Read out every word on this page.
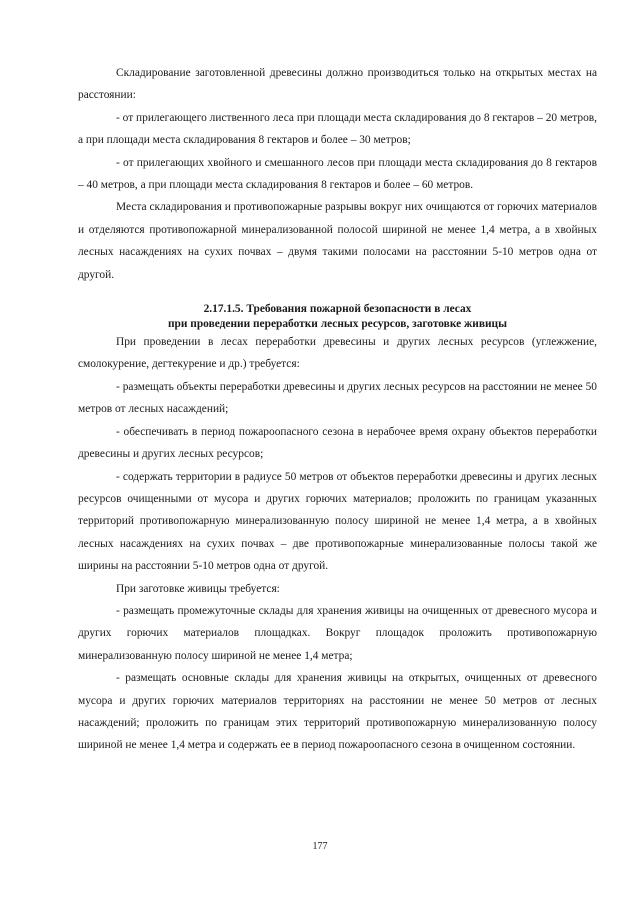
Складирование заготовленной древесины должно производиться только на открытых местах на расстоянии:

- от прилегающего лиственного леса при площади места складирования до 8 гектаров – 20 метров, а при площади места складирования 8 гектаров и более – 30 метров;

- от прилегающих хвойного и смешанного лесов при площади места складирования до 8 гектаров – 40 метров, а при площади места складирования 8 гектаров и более – 60 метров.

Места складирования и противопожарные разрывы вокруг них очищаются от горючих материалов и отделяются противопожарной минерализованной полосой шириной не менее 1,4 метра, а в хвойных лесных насаждениях на сухих почвах – двумя такими полосами на расстоянии 5-10 метров одна от другой.

2.17.1.5. Требования пожарной безопасности в лесах

при проведении переработки лесных ресурсов, заготовке живицы

При проведении в лесах переработки древесины и других лесных ресурсов (углежжение, смолокурение, дегтекурение и др.) требуется:

- размещать объекты переработки древесины и других лесных ресурсов на расстоянии не менее 50 метров от лесных насаждений;

- обеспечивать в период пожароопасного сезона в нерабочее время охрану объектов переработки древесины и других лесных ресурсов;

- содержать территории в радиусе 50 метров от объектов переработки древесины и других лесных ресурсов очищенными от мусора и других горючих материалов; проложить по границам указанных территорий противопожарную минерализованную полосу шириной не менее 1,4 метра, а в хвойных лесных насаждениях на сухих почвах – две противопожарные минерализованные полосы такой же ширины на расстоянии 5-10 метров одна от другой.

При заготовке живицы требуется:

- размещать промежуточные склады для хранения живицы на очищенных от древесного мусора и других горючих материалов площадках. Вокруг площадок проложить противопожарную минерализованную полосу шириной не менее 1,4 метра;

- размещать основные склады для хранения живицы на открытых, очищенных от древесного мусора и других горючих материалов территориях на расстоянии не менее 50 метров от лесных насаждений; проложить по границам этих территорий противопожарную минерализованную полосу шириной не менее 1,4 метра и содержать ее в период пожароопасного сезона в очищенном состоянии.

177
